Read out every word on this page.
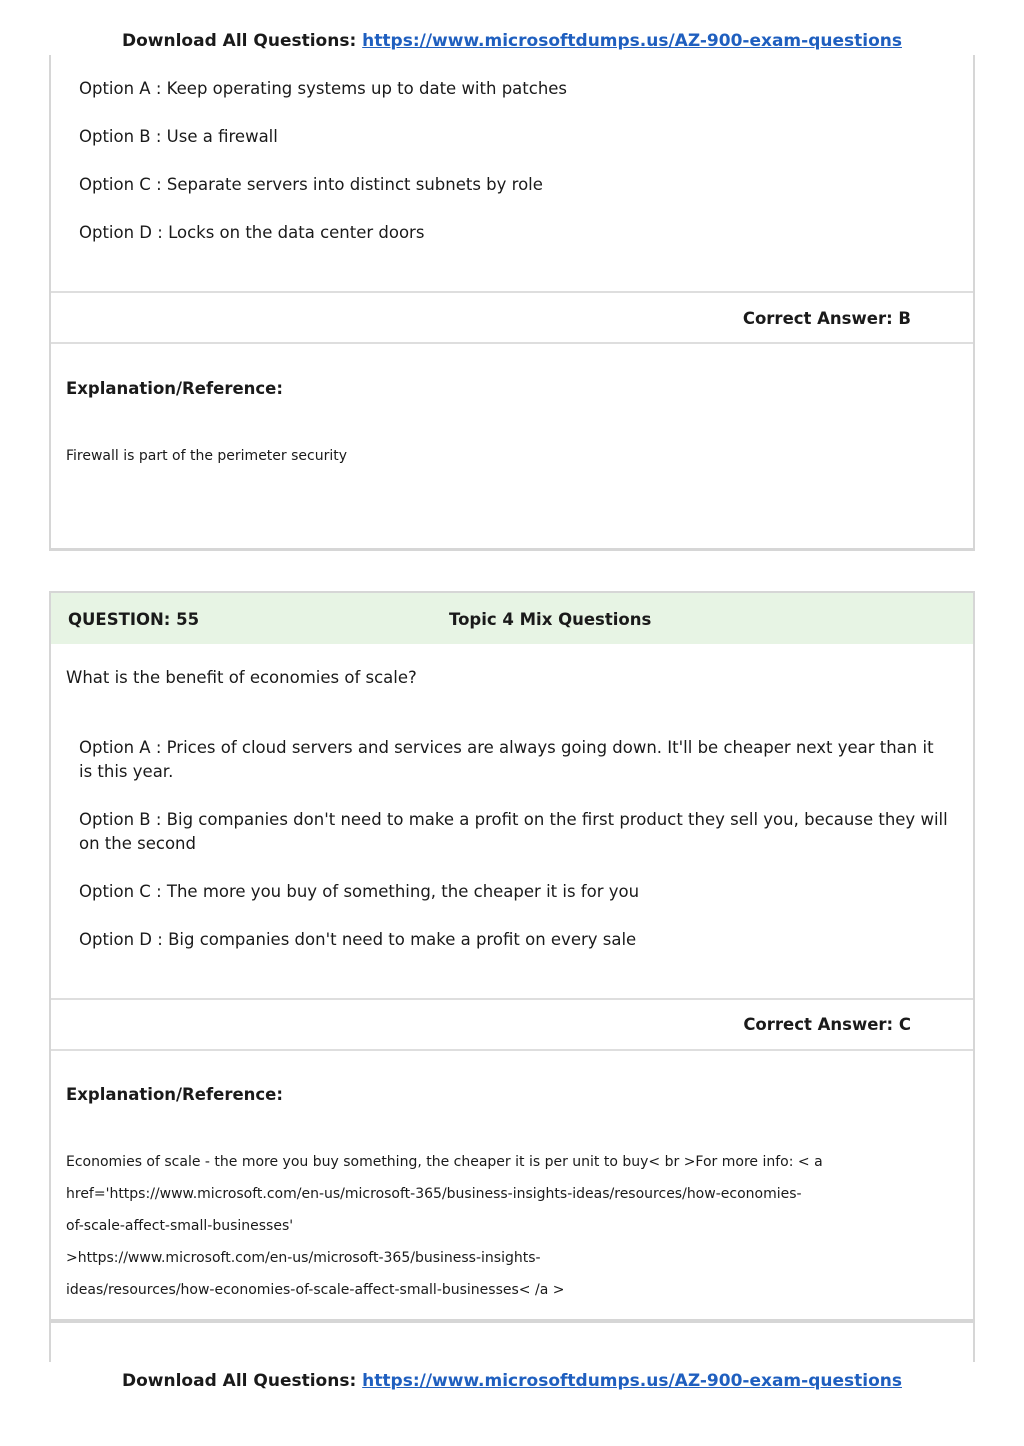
Download All Questions: https://www.microsoftdumps.us/AZ-900-exam-questions
Option A : Keep operating systems up to date with patches
Option B : Use a firewall
Option C : Separate servers into distinct subnets by role
Option D : Locks on the data center doors
Correct Answer: B
Explanation/Reference:
Firewall is part of the perimeter security
QUESTION: 55	Topic 4 Mix Questions
What is the benefit of economies of scale?
Option A : Prices of cloud servers and services are always going down. It'll be cheaper next year than it is this year.
Option B : Big companies don't need to make a profit on the first product they sell you, because they will on the second
Option C : The more you buy of something, the cheaper it is for you
Option D : Big companies don't need to make a profit on every sale
Correct Answer: C
Explanation/Reference:
Economies of scale - the more you buy something, the cheaper it is per unit to buy< br >For more info: < a
href='https://www.microsoft.com/en-us/microsoft-365/business-insights-ideas/resources/how-economies-
of-scale-affect-small-businesses'
>https://www.microsoft.com/en-us/microsoft-365/business-insights-
ideas/resources/how-economies-of-scale-affect-small-businesses< /a >
Download All Questions: https://www.microsoftdumps.us/AZ-900-exam-questions
